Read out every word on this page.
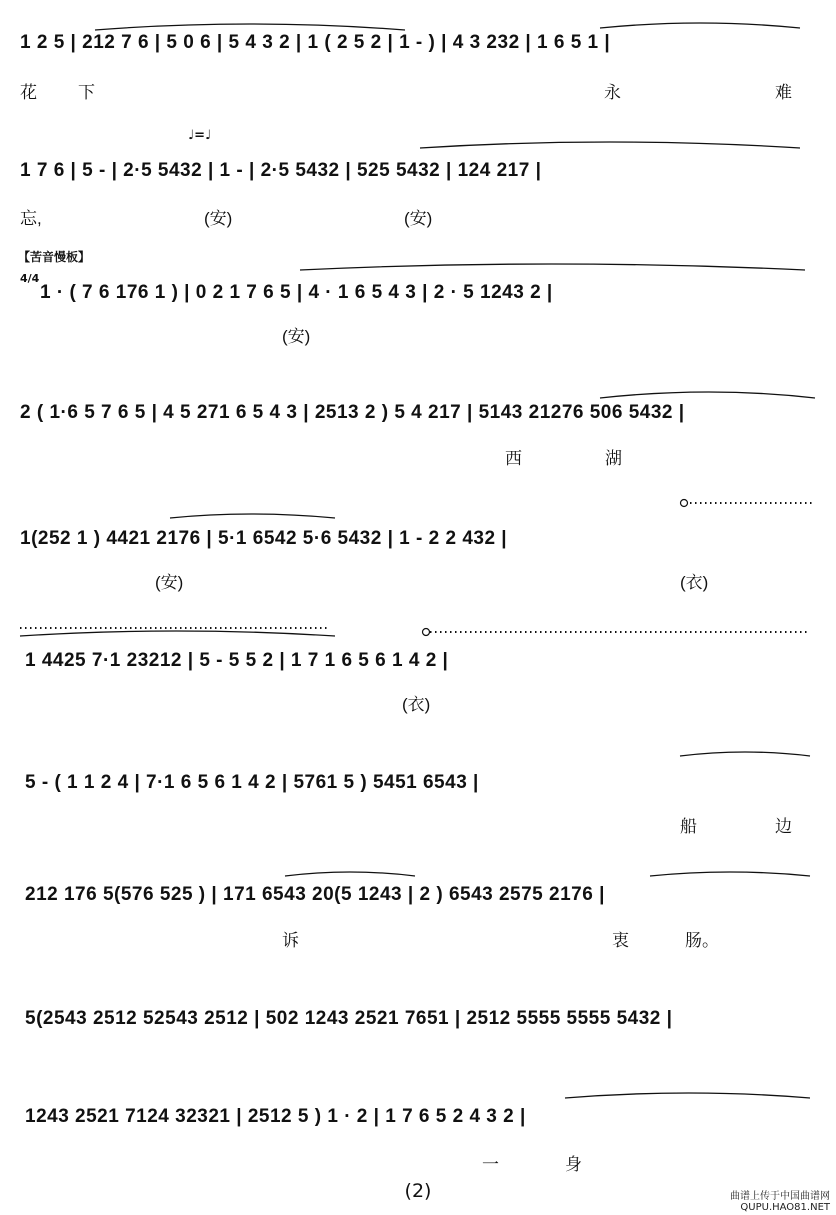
1 2 5 | 212 7 6 | 5 0 6 | 5 4 3 2 | 1 ( 2 5 2 | 1 - ) | 4 3 232 | 1 6 5 1 |
花 下	永	难
♩=♩
1 7 6 | 5 - | 2·5 5432 | 1 - | 2·5 5432 | 525 5432 | 124 217 |
忘,	(安)	(安)
【苦音慢板】
4/4
1 · ( 7 6 176 1 ) | 0 2 1 7 6 5 | 4 · 1 6 5 4 3 | 2 · 5 1243 2 |
(安)
2 ( 1·6 5 7 6 5 | 4 5 271 6 5 4 3 | 2513 2 ) 5 4 217 | 5143 21276 506 5432 |
西	湖
1(252 1 ) 4421 2176 | 5·1 6542 5·6 5432 | 1 - 2 2 432 |
(安)	(衣)
1 4425 7·1 23212 | 5 - 5 5 2 | 1 7 1 6 5 6 1 4 2 |
(衣)
5 - ( 1 1 2 4 | 7·1 6 5 6 1 4 2 | 5761 5 ) 5451 6543 |
船	边
212 176 5(576 525 ) | 171 6543 20(5 1243 | 2 ) 6543 2575 2176 |
诉	衷	肠。
5(2543 2512 52543 2512 | 502 1243 2521 7651 | 2512 5555 5555 5432 |
1243 2521 7124 32321 | 2512 5 ) 1 · 2 | 1 7 6 5 2 4 3 2 |
一	身
(2)	曲谱上传于中国曲谱网
QUPU.HAO81.NET
